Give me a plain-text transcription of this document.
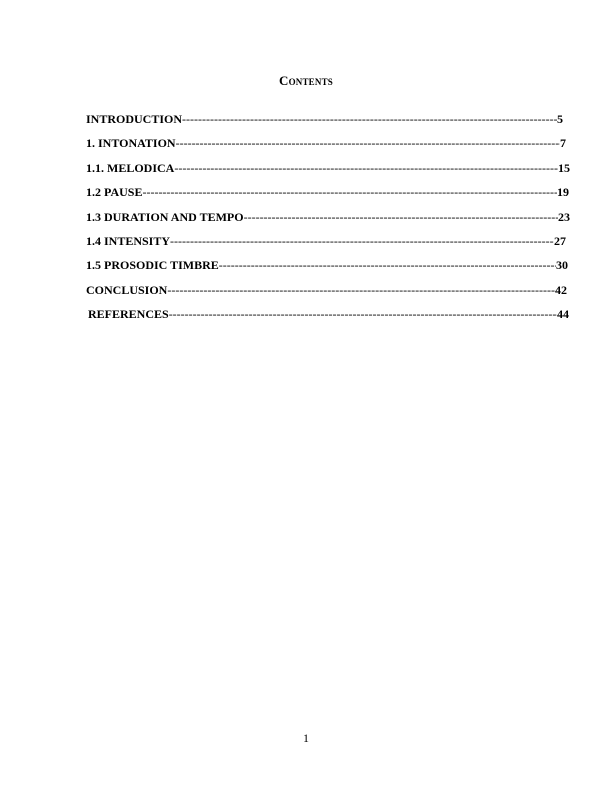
Contents
INTRODUCTION -----	5
1. INTONATION -----	7
1.1. MELODICA -----	15
1.2 PAUSE -----	19
1.3 DURATION AND TEMPO -----	23
1.4 INTENSITY -----	27
1.5 PROSODIC TIMBRE -----	30
CONCLUSION -----	42
REFERENCES -----	44
1
